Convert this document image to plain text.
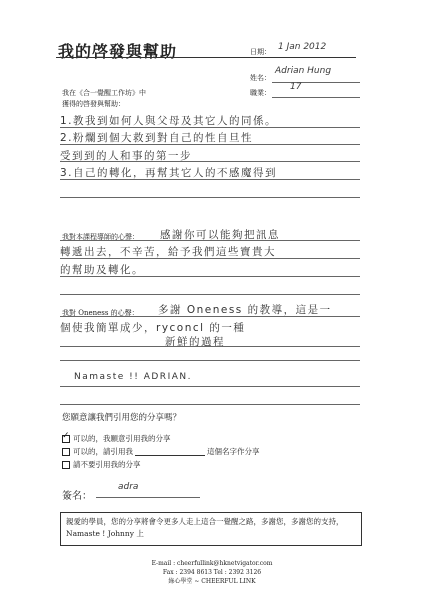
我的啓發與幫助	日期： 1 Jan 2012
姓名：
Adrian Hung
職業：
17
我在《合一覺醒工作坊》中
獲得的啓發與幫助：
1.教我到如何人與父母及其它人的同係。
2.粉爛到個大救到對自己的性自旦性
受到到的人和事的第一步
3.自己的轉化，再幫其它人的不感魔得到
我對本課程導師的心聲： 感謝你可以能夠把訊息
轉遞出去，不辛苦，給予我們這些寶貴大
的幫助及轉化。
我對 Oneness 的心聲： 多謝 Oneness 的教導，這是一
個使我簡單成少，ryconcl 的一種
新鮮的過程
Namaste !! ADRIAN.
您願意讓我們引用您的分享嗎？
✓ 可以的，我願意引用我的分享
可以的，請引用我	這個名字作分享
請不要引用我的分享
簽名：
adra
親愛的學員，您的分享將會令更多人走上這合一覺醒之路，多謝您，多謝您的支持，
Namaste ! Johnny 上
E-mail : cheerfullink@hknetvigator.com
Fax : 2394 8613 Tel : 2392 3126
綠心學堂 ~ CHEERFUL LINK
